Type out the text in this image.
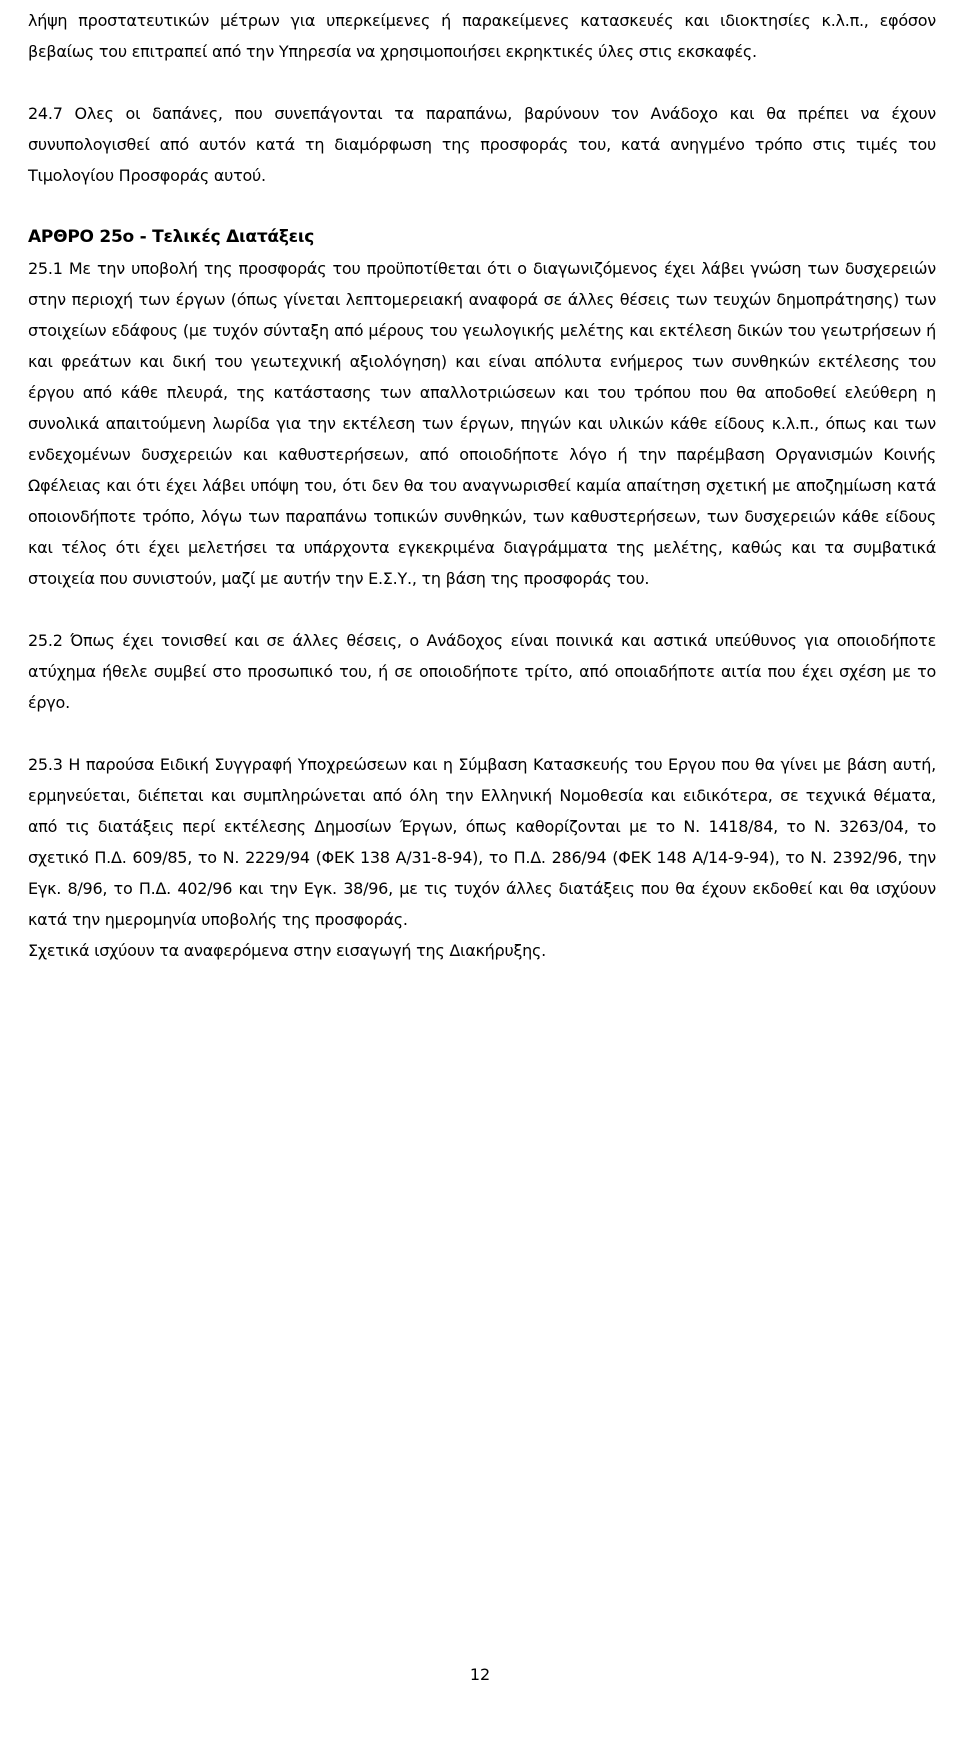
λήψη προστατευτικών μέτρων για υπερκείμενες ή παρακείμενες κατασκευές και ιδιοκτησίες κ.λ.π., εφόσον βεβαίως του επιτραπεί από την Υπηρεσία να χρησιμοποιήσει εκρηκτικές ύλες στις εκσκαφές.

24.7 Ολες οι δαπάνες, που συνεπάγονται τα παραπάνω, βαρύνουν τον Ανάδοχο και θα πρέπει να έχουν συνυπολογισθεί από αυτόν κατά τη διαμόρφωση της προσφοράς του, κατά ανηγμένο τρόπο στις τιμές του Τιμολογίου Προσφοράς αυτού.

ΑΡΘΡΟ 25ο - Τελικές Διατάξεις

25.1 Με την υποβολή της προσφοράς του προϋποτίθεται ότι ο διαγωνιζόμενος έχει λάβει γνώση των δυσχερειών στην περιοχή των έργων (όπως γίνεται λεπτομερειακή αναφορά σε άλλες θέσεις των τευχών δημοπράτησης) των στοιχείων εδάφους (με τυχόν σύνταξη από μέρους του γεωλογικής μελέτης και εκτέλεση δικών του γεωτρήσεων ή και φρεάτων και δική του γεωτεχνική αξιολόγηση) και είναι απόλυτα ενήμερος των συνθηκών εκτέλεσης του έργου από κάθε πλευρά, της κατάστασης των απαλλοτριώσεων και του τρόπου που θα αποδοθεί ελεύθερη η συνολικά απαιτούμενη λωρίδα για την εκτέλεση των έργων, πηγών και υλικών κάθε είδους κ.λ.π., όπως και των ενδεχομένων δυσχερειών και καθυστερήσεων, από οποιοδήποτε λόγο ή την παρέμβαση Οργανισμών Κοινής Ωφέλειας και ότι έχει λάβει υπόψη του, ότι δεν θα του αναγνωρισθεί καμία απαίτηση σχετική με αποζημίωση κατά οποιονδήποτε τρόπο, λόγω των παραπάνω τοπικών συνθηκών, των καθυστερήσεων, των δυσχερειών κάθε είδους και τέλος ότι έχει μελετήσει τα υπάρχοντα εγκεκριμένα διαγράμματα της μελέτης, καθώς και τα συμβατικά στοιχεία που συνιστούν, μαζί με αυτήν την Ε.Σ.Υ., τη βάση της προσφοράς του.

25.2 Όπως έχει τονισθεί και σε άλλες θέσεις, ο Ανάδοχος είναι ποινικά και αστικά υπεύθυνος για οποιοδήποτε ατύχημα ήθελε συμβεί στο προσωπικό του, ή σε οποιοδήποτε τρίτο, από οποιαδήποτε αιτία που έχει σχέση με το έργο.

25.3 Η παρούσα Ειδική Συγγραφή Υποχρεώσεων και η Σύμβαση Κατασκευής του Εργου που θα γίνει με βάση αυτή, ερμηνεύεται, διέπεται και συμπληρώνεται από όλη την Ελληνική Νομοθεσία και ειδικότερα, σε τεχνικά θέματα, από τις διατάξεις περί εκτέλεσης Δημοσίων Έργων, όπως καθορίζονται με το Ν. 1418/84, το Ν. 3263/04, το σχετικό Π.Δ. 609/85, το Ν. 2229/94 (ΦΕΚ 138 Α/31-8-94), το Π.Δ. 286/94 (ΦΕΚ 148 Α/14-9-94), το Ν. 2392/96, την Εγκ. 8/96, το Π.Δ. 402/96 και την Εγκ. 38/96, με τις τυχόν άλλες διατάξεις που θα έχουν εκδοθεί και θα ισχύουν κατά την ημερομηνία υποβολής της προσφοράς.

Σχετικά ισχύουν τα αναφερόμενα στην εισαγωγή της Διακήρυξης.

12
